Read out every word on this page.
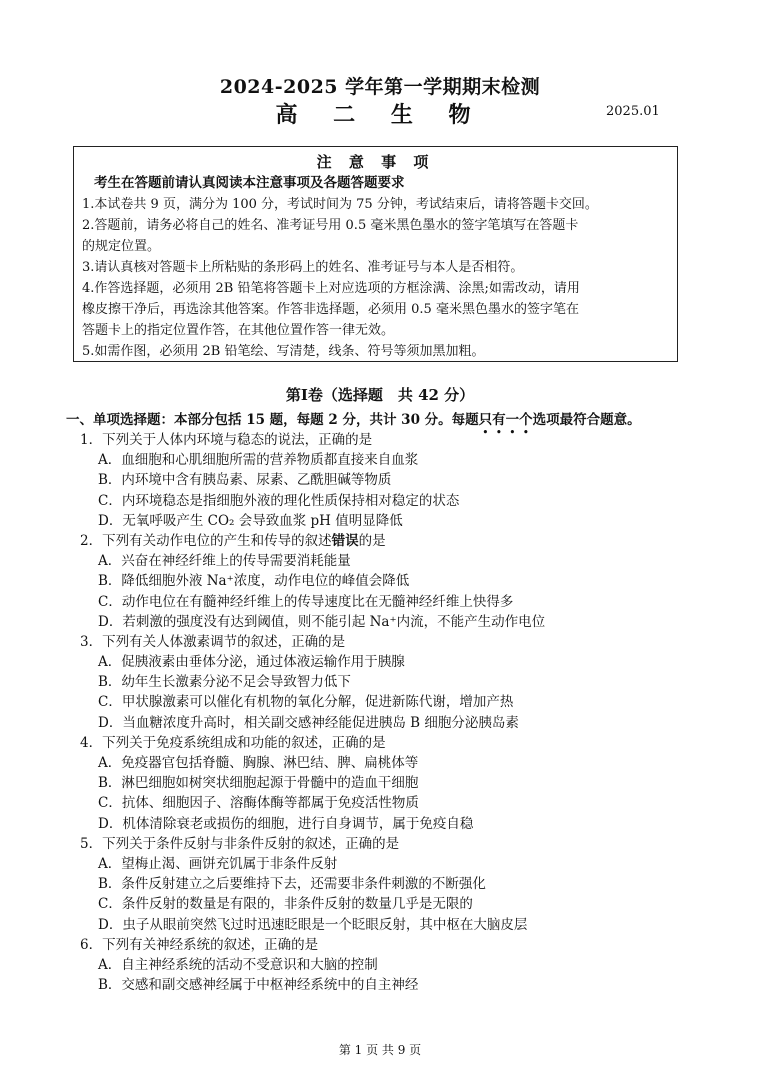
2024-2025 学年第一学期期末检测
高 二 生 物	2025.01
注 意 事 项
考生在答题前请认真阅读本注意事项及各题答题要求
1.本试卷共 9 页，满分为 100 分，考试时间为 75 分钟，考试结束后，请将答题卡交回。
2.答题前，请务必将自己的姓名、准考证号用 0.5 毫米黑色墨水的签字笔填写在答题卡
的规定位置。
3.请认真核对答题卡上所粘贴的条形码上的姓名、准考证号与本人是否相符。
4.作答选择题，必须用 2B 铅笔将答题卡上对应选项的方框涂满、涂黑;如需改动，请用
橡皮擦干净后，再选涂其他答案。作答非选择题，必须用 0.5 毫米黑色墨水的签字笔在
答题卡上的指定位置作答，在其他位置作答一律无效。
5.如需作图，必须用 2B 铅笔绘、写清楚，线条、符号等须加黑加粗。
第Ⅰ卷（选择题　共 42 分）
一、单项选择题：本部分包括 15 题，每题 2 分，共计 30 分。每题只有一个选项最符合题意。
1．下列关于人体内环境与稳态的说法，正确的是
A．血细胞和心肌细胞所需的营养物质都直接来自血浆
B．内环境中含有胰岛素、尿素、乙酰胆碱等物质
C．内环境稳态是指细胞外液的理化性质保持相对稳定的状态
D．无氧呼吸产生 CO₂ 会导致血浆 pH 值明显降低
2．下列有关动作电位的产生和传导的叙述错误的是
A．兴奋在神经纤维上的传导需要消耗能量
B．降低细胞外液 Na⁺浓度，动作电位的峰值会降低
C．动作电位在有髓神经纤维上的传导速度比在无髓神经纤维上快得多
D．若刺激的强度没有达到阈值，则不能引起 Na⁺内流，不能产生动作电位
3．下列有关人体激素调节的叙述，正确的是
A．促胰液素由垂体分泌，通过体液运输作用于胰腺
B．幼年生长激素分泌不足会导致智力低下
C．甲状腺激素可以催化有机物的氧化分解，促进新陈代谢，增加产热
D．当血糖浓度升高时，相关副交感神经能促进胰岛 B 细胞分泌胰岛素
4．下列关于免疫系统组成和功能的叙述，正确的是
A．免疫器官包括脊髓、胸腺、淋巴结、脾、扁桃体等
B．淋巴细胞如树突状细胞起源于骨髓中的造血干细胞
C．抗体、细胞因子、溶酶体酶等都属于免疫活性物质
D．机体清除衰老或损伤的细胞，进行自身调节，属于免疫自稳
5．下列关于条件反射与非条件反射的叙述，正确的是
A．望梅止渴、画饼充饥属于非条件反射
B．条件反射建立之后要维持下去，还需要非条件刺激的不断强化
C．条件反射的数量是有限的，非条件反射的数量几乎是无限的
D．虫子从眼前突然飞过时迅速眨眼是一个眨眼反射，其中枢在大脑皮层
6．下列有关神经系统的叙述，正确的是
A．自主神经系统的活动不受意识和大脑的控制
B．交感和副交感神经属于中枢神经系统中的自主神经
第 1 页 共 9 页
